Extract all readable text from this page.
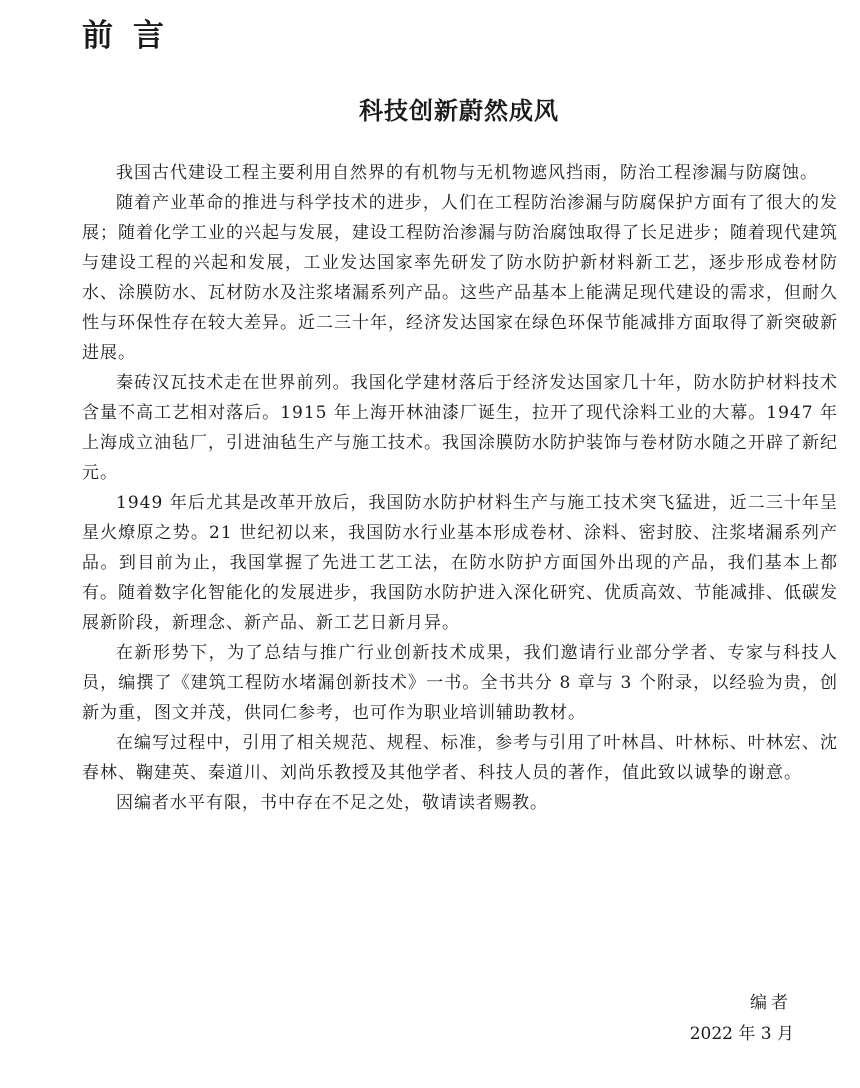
前言
科技创新蔚然成风

我国古代建设工程主要利用自然界的有机物与无机物遮风挡雨，防治工程渗漏与防腐蚀。

随着产业革命的推进与科学技术的进步，人们在工程防治渗漏与防腐保护方面有了很大的发展；随着化学工业的兴起与发展，建设工程防治渗漏与防治腐蚀取得了长足进步；随着现代建筑与建设工程的兴起和发展，工业发达国家率先研发了防水防护新材料新工艺，逐步形成卷材防水、涂膜防水、瓦材防水及注浆堵漏系列产品。这些产品基本上能满足现代建设的需求，但耐久性与环保性存在较大差异。近二三十年，经济发达国家在绿色环保节能减排方面取得了新突破新进展。

秦砖汉瓦技术走在世界前列。我国化学建材落后于经济发达国家几十年，防水防护材料技术含量不高工艺相对落后。1915 年上海开林油漆厂诞生，拉开了现代涂料工业的大幕。1947 年上海成立油毡厂，引进油毡生产与施工技术。我国涂膜防水防护装饰与卷材防水随之开辟了新纪元。

1949 年后尤其是改革开放后，我国防水防护材料生产与施工技术突飞猛进，近二三十年呈星火燎原之势。21 世纪初以来，我国防水行业基本形成卷材、涂料、密封胶、注浆堵漏系列产品。到目前为止，我国掌握了先进工艺工法，在防水防护方面国外出现的产品，我们基本上都有。随着数字化智能化的发展进步，我国防水防护进入深化研究、优质高效、节能减排、低碳发展新阶段，新理念、新产品、新工艺日新月异。

在新形势下，为了总结与推广行业创新技术成果，我们邀请行业部分学者、专家与科技人员，编撰了《建筑工程防水堵漏创新技术》一书。全书共分 8 章与 3 个附录，以经验为贵，创新为重，图文并茂，供同仁参考，也可作为职业培训辅助教材。

在编写过程中，引用了相关规范、规程、标准，参考与引用了叶林昌、叶林标、叶林宏、沈春林、鞠建英、秦道川、刘尚乐教授及其他学者、科技人员的著作，值此致以诚挚的谢意。

因编者水平有限，书中存在不足之处，敬请读者赐教。

编者

2022 年 3 月
